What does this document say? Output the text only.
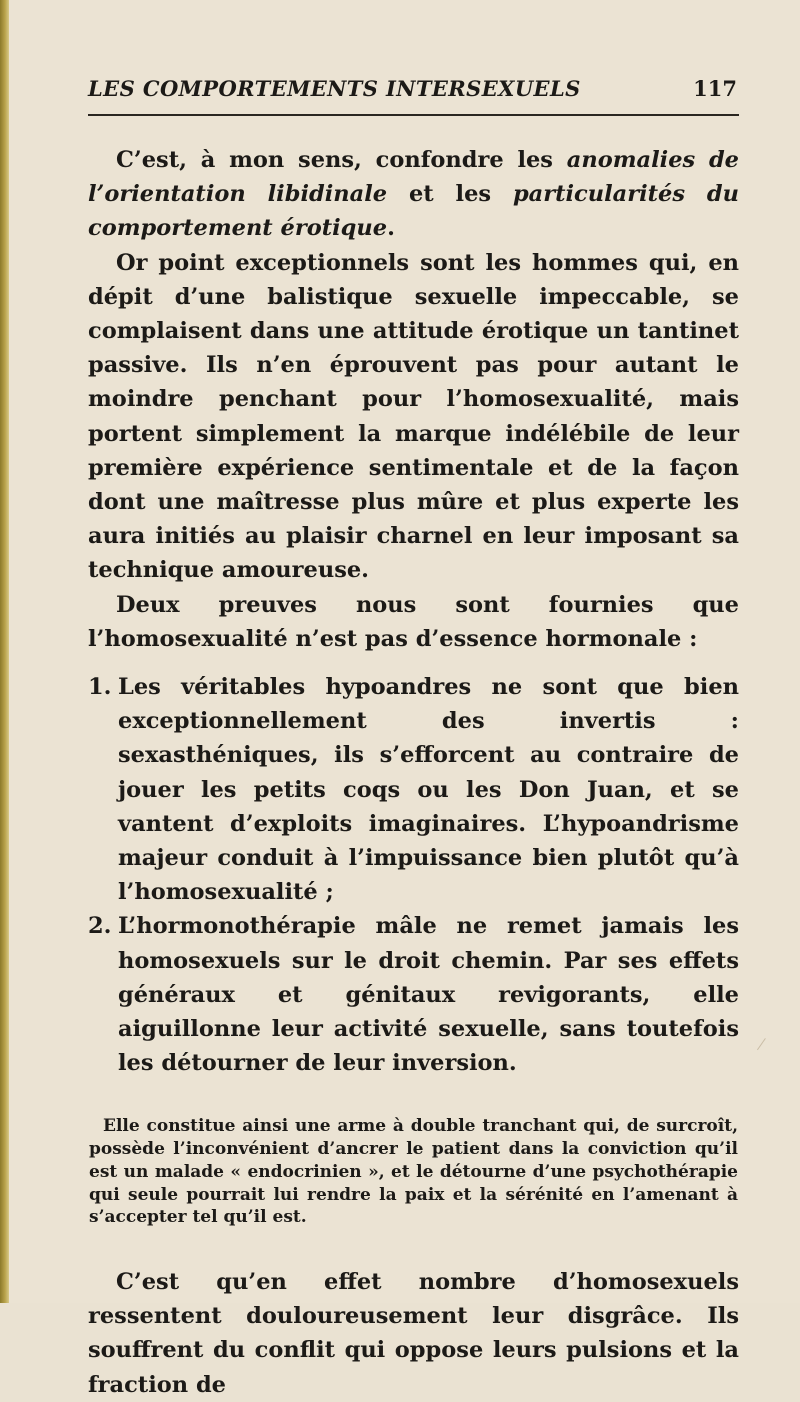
LES COMPORTEMENTS INTERSEXUELS	117

C’est, à mon sens, confondre les anomalies de l’orientation libidinale et les particularités du comportement érotique.

Or point exceptionnels sont les hommes qui, en dépit d’une balistique sexuelle impeccable, se complaisent dans une attitude érotique un tantinet passive. Ils n’en éprouvent pas pour autant le moindre penchant pour l’homosexualité, mais portent simplement la marque indélébile de leur première expérience sentimentale et de la façon dont une maîtresse plus mûre et plus experte les aura initiés au plaisir charnel en leur imposant sa technique amoureuse.

Deux preuves nous sont fournies que l’homosexualité n’est pas d’essence hormonale :

1. Les véritables hypoandres ne sont que bien exceptionnellement des invertis : sexasthéniques, ils s’efforcent au contraire de jouer les petits coqs ou les Don Juan, et se vantent d’exploits imaginaires. L’hypoandrisme majeur conduit à l’impuissance bien plutôt qu’à l’homosexualité ;
2. L’hormonothérapie mâle ne remet jamais les homosexuels sur le droit chemin. Par ses effets généraux et génitaux revigorants, elle aiguillonne leur activité sexuelle, sans toutefois les détourner de leur inversion.

Elle constitue ainsi une arme à double tranchant qui, de surcroît, possède l’inconvénient d’ancrer le patient dans la conviction qu’il est un malade « endocrinien », et le détourne d’une psychothérapie qui seule pourrait lui rendre la paix et la sérénité en l’amenant à s’accepter tel qu’il est.

C’est qu’en effet nombre d’homosexuels ressentent douloureusement leur disgrâce. Ils souffrent du conflit qui oppose leurs pulsions et la fraction de
